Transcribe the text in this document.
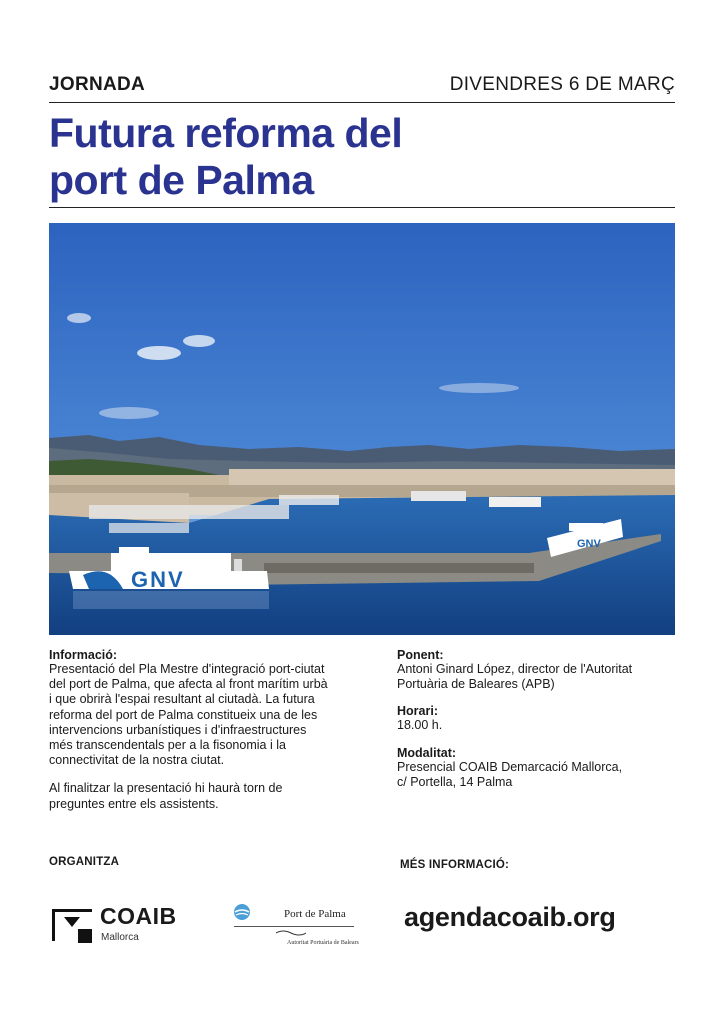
JORNADA	DIVENDRES 6 DE MARÇ
Futura reforma del
port de Palma
GNV
GNV
Informació:
Presentació del Pla Mestre d'integració port-ciutat
del port de Palma, que afecta al front marítim urbà
i que obrirà l'espai resultant al ciutadà. La futura
reforma del port de Palma constitueix una de les
intervencions urbanístiques i d'infraestructures
més transcendentals per a la fisonomia i la
connectivitat de la nostra ciutat.
Al finalitzar la presentació hi haurà torn de
preguntes entre els assistents.
Ponent:
Antoni Ginard López, director de l'Autoritat
Portuària de Baleares (APB)
Horari:
18.00 h.
Modalitat:
Presencial COAIB Demarcació Mallorca,
c/ Portella, 14 Palma
ORGANITZA	MÉS INFORMACIÓ:
COAIB
Mallorca
Port de Palma
Autoritat Portuària de Balears
agendacoaib.org
